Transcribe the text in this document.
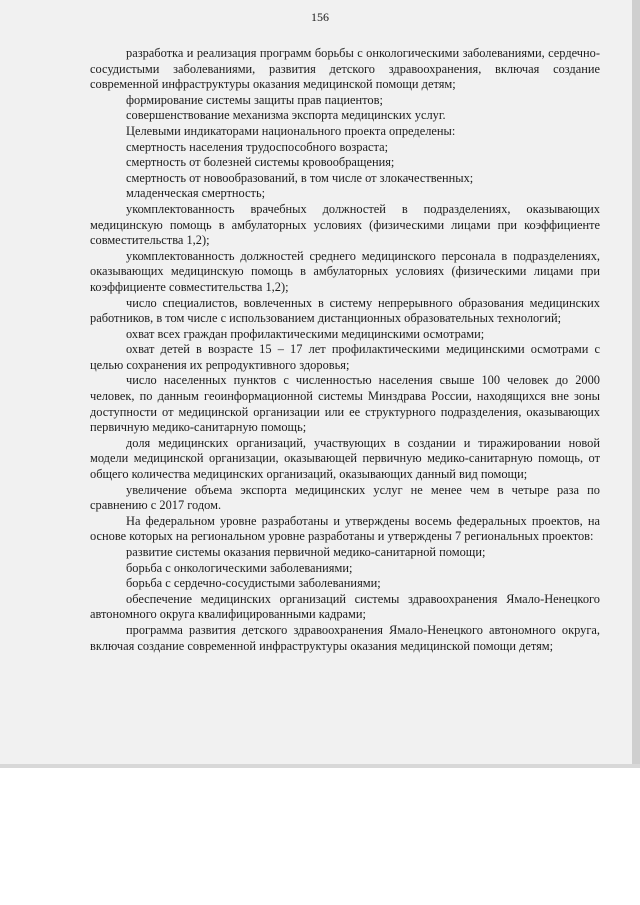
156

разработка и реализация программ борьбы с онкологическими заболеваниями, сердечно-сосудистыми заболеваниями, развития детского здравоохранения, включая создание современной инфраструктуры оказания медицинской помощи детям;

формирование системы защиты прав пациентов;

совершенствование механизма экспорта медицинских услуг.

Целевыми индикаторами национального проекта определены:

смертность населения трудоспособного возраста;

смертность от болезней системы кровообращения;

смертность от новообразований, в том числе от злокачественных;

младенческая смертность;

укомплектованность врачебных должностей в подразделениях, оказывающих медицинскую помощь в амбулаторных условиях (физическими лицами при коэффициенте совместительства 1,2);

укомплектованность должностей среднего медицинского персонала в подразделениях, оказывающих медицинскую помощь в амбулаторных условиях (физическими лицами при коэффициенте совместительства 1,2);

число специалистов, вовлеченных в систему непрерывного образования медицинских работников, в том числе с использованием дистанционных образовательных технологий;

охват всех граждан профилактическими медицинскими осмотрами;

охват детей в возрасте 15 – 17 лет профилактическими медицинскими осмотрами с целью сохранения их репродуктивного здоровья;

число населенных пунктов с численностью населения свыше 100 человек до 2000 человек, по данным геоинформационной системы Минздрава России, находящихся вне зоны доступности от медицинской организации или ее структурного подразделения, оказывающих первичную медико-санитарную помощь;

доля медицинских организаций, участвующих в создании и тиражировании новой модели медицинской организации, оказывающей первичную медико-санитарную помощь, от общего количества медицинских организаций, оказывающих данный вид помощи;

увеличение объема экспорта медицинских услуг не менее чем в четыре раза по сравнению с 2017 годом.

На федеральном уровне разработаны и утверждены восемь федеральных проектов, на основе которых на региональном уровне разработаны и утверждены 7 региональных проектов:

развитие системы оказания первичной медико-санитарной помощи;

борьба с онкологическими заболеваниями;

борьба с сердечно-сосудистыми заболеваниями;

обеспечение медицинских организаций системы здравоохранения Ямало-Ненецкого автономного округа квалифицированными кадрами;

программа развития детского здравоохранения Ямало-Ненецкого автономного округа, включая создание современной инфраструктуры оказания медицинской помощи детям;
